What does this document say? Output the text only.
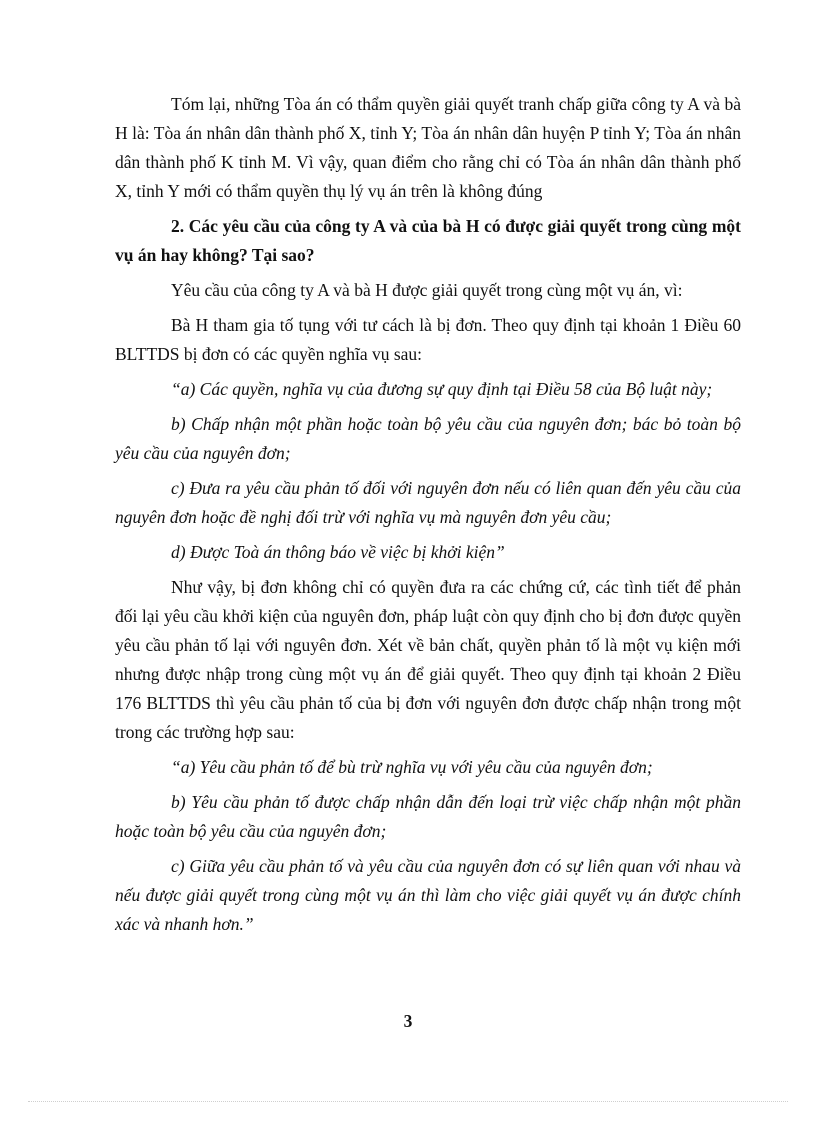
Tóm lại, những Tòa án có thẩm quyền giải quyết tranh chấp giữa công ty A và bà H là: Tòa án nhân dân thành phố X, tỉnh Y; Tòa án nhân dân huyện P tỉnh Y; Tòa án nhân dân thành phố K tỉnh M. Vì vậy, quan điểm cho rằng chỉ có Tòa án nhân dân thành phố X, tỉnh Y mới có thẩm quyền thụ lý vụ án trên là không đúng

2. Các yêu cầu của công ty A và của bà H có được giải quyết trong cùng một vụ án hay không? Tại sao?

Yêu cầu của công ty A và bà H được giải quyết trong cùng một vụ án, vì:

Bà H tham gia tố tụng với tư cách là bị đơn. Theo quy định tại khoản 1 Điều 60 BLTTDS bị đơn có các quyền nghĩa vụ sau:

“a) Các quyền, nghĩa vụ của đương sự quy định tại Điều 58 của Bộ luật này;

b) Chấp nhận một phần hoặc toàn bộ yêu cầu của nguyên đơn; bác bỏ toàn bộ yêu cầu của nguyên đơn;

c) Đưa ra yêu cầu phản tố đối với nguyên đơn nếu có liên quan đến yêu cầu của nguyên đơn hoặc đề nghị đối trừ với nghĩa vụ mà nguyên đơn yêu cầu;

d) Được Toà án thông báo về việc bị khởi kiện”

Như vậy, bị đơn không chỉ có quyền đưa ra các chứng cứ, các tình tiết để phản đối lại yêu cầu khởi kiện của nguyên đơn, pháp luật còn quy định cho bị đơn được quyền yêu cầu phản tố lại với nguyên đơn. Xét về bản chất, quyền phản tố là một vụ kiện mới nhưng được nhập trong cùng một vụ án để giải quyết. Theo quy định tại khoản 2 Điều 176 BLTTDS thì yêu cầu phản tố của bị đơn với nguyên đơn được chấp nhận trong một trong các trường hợp sau:

“a) Yêu cầu phản tố để bù trừ nghĩa vụ với yêu cầu của nguyên đơn;

b) Yêu cầu phản tố được chấp nhận dẫn đến loại trừ việc chấp nhận một phần hoặc toàn bộ yêu cầu của nguyên đơn;

c) Giữa yêu cầu phản tố và yêu cầu của nguyên đơn có sự liên quan với nhau và nếu được giải quyết trong cùng một vụ án thì làm cho việc giải quyết vụ án được chính xác và nhanh hơn.”

3
